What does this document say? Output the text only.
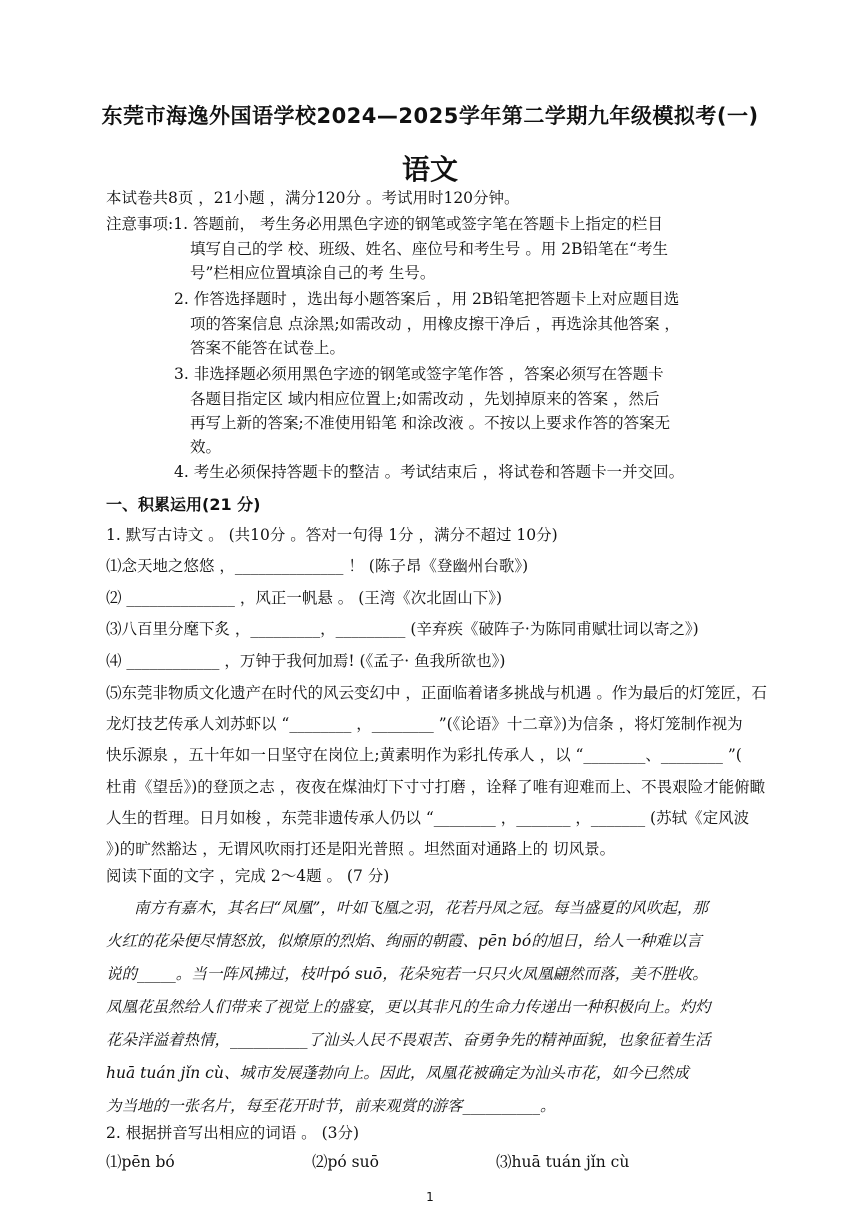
东莞市海逸外国语学校2024—2025学年第二学期九年级模拟考(一)
语文
本试卷共8页 ，21小题 ，满分120分 。考试用时120分钟。
注意事项:1. 答题前， 考生务必用黑色字迹的钢笔或签字笔在答题卡上指定的栏目
填写自己的学 校、班级、姓名、座位号和考生号 。用 2B铅笔在“考生
号”栏相应位置填涂自己的考 生号。
2. 作答选择题时 ，选出每小题答案后 ，用 2B铅笔把答题卡上对应题目选
项的答案信息 点涂黑;如需改动 ，用橡皮擦干净后 ，再选涂其他答案 ，
答案不能答在试卷上。
3. 非选择题必须用黑色字迹的钢笔或签字笔作答 ，答案必须写在答题卡
各题目指定区 域内相应位置上;如需改动 ，先划掉原来的答案 ，然后
再写上新的答案;不准使用铅笔 和涂改液 。不按以上要求作答的答案无
效。
4. 考生必须保持答题卡的整洁 。考试结束后 ，将试卷和答题卡一并交回。
一、积累运用(21 分)
1. 默写古诗文 。 (共10分 。答对一句得 1分 ，满分不超过 10分)
⑴念天地之悠悠 ，______________ ！ (陈子昂《登幽州台歌》)
⑵ ______________ ，风正一帆悬 。 (王湾《次北固山下》)
⑶八百里分麾下炙 ，_________，_________ (辛弃疾《破阵子·为陈同甫赋壮词以寄之》)
⑷ ____________ ，万钟于我何加焉! (《孟子· 鱼我所欲也》)
⑸东莞非物质文化遗产在时代的风云变幻中 ，正面临着诸多挑战与机遇 。作为最后的灯笼匠，石
龙灯技艺传承人刘苏虾以 “________ ，________ ”(《论语》十二章》)为信条 ，将灯笼制作视为
快乐源泉 ，五十年如一日坚守在岗位上;黄素明作为彩扎传承人 ，以 “________、________ ”(
杜甫《望岳》)的登顶之志 ，夜夜在煤油灯下寸寸打磨 ，诠释了唯有迎难而上、不畏艰险才能俯瞰
人生的哲理。日月如梭 ，东莞非遗传承人仍以 “________ ，_______ ，_______ (苏轼《定风波
》)的旷然豁达 ，无谓风吹雨打还是阳光普照 。坦然面对通路上的 切风景。
阅读下面的文字 ，完成 2～4题 。 (7 分)
南方有嘉木，其名曰“凤凰”，叶如飞凰之羽，花若丹凤之冠。每当盛夏的风吹起，那
火红的花朵便尽情怒放，似燎原的烈焰、绚丽的朝霞、pēn bó的旭日，给人一种难以言
说的_____。当一阵风拂过，枝叶pó suō，花朵宛若一只只火凤凰翩然而落，美不胜收。
凤凰花虽然给人们带来了视觉上的盛宴，更以其非凡的生命力传递出一种积极向上。灼灼
花朵洋溢着热情，__________了汕头人民不畏艰苦、奋勇争先的精神面貌，也象征着生活
huā tuán jǐn cù、城市发展蓬勃向上。因此，凤凰花被确定为汕头市花，如今已然成
为当地的一张名片，每至花开时节，前来观赏的游客__________。
2. 根据拼音写出相应的词语 。 (3分)
⑴pēn bó	⑵pó suō	⑶huā tuán jǐn cù
1
